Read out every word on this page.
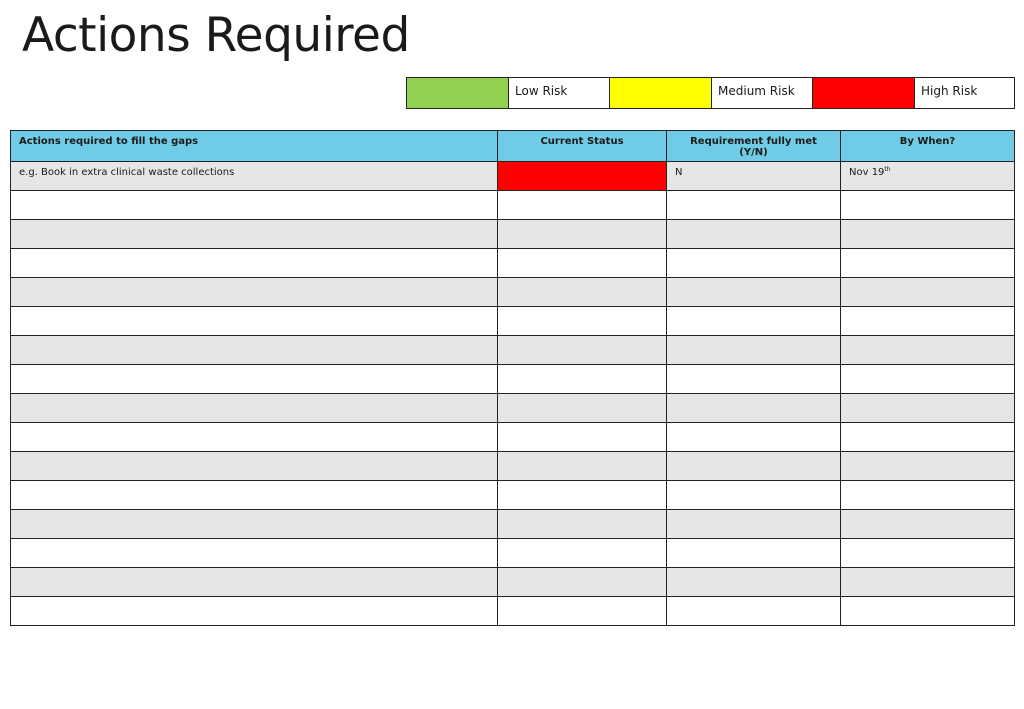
Actions Required
	Low Risk		Medium Risk		High Risk
Actions required to fill the gaps	Current Status	Requirement fully met (Y/N)	By When?
e.g. Book in extra clinical waste collections		N	Nov 19th
